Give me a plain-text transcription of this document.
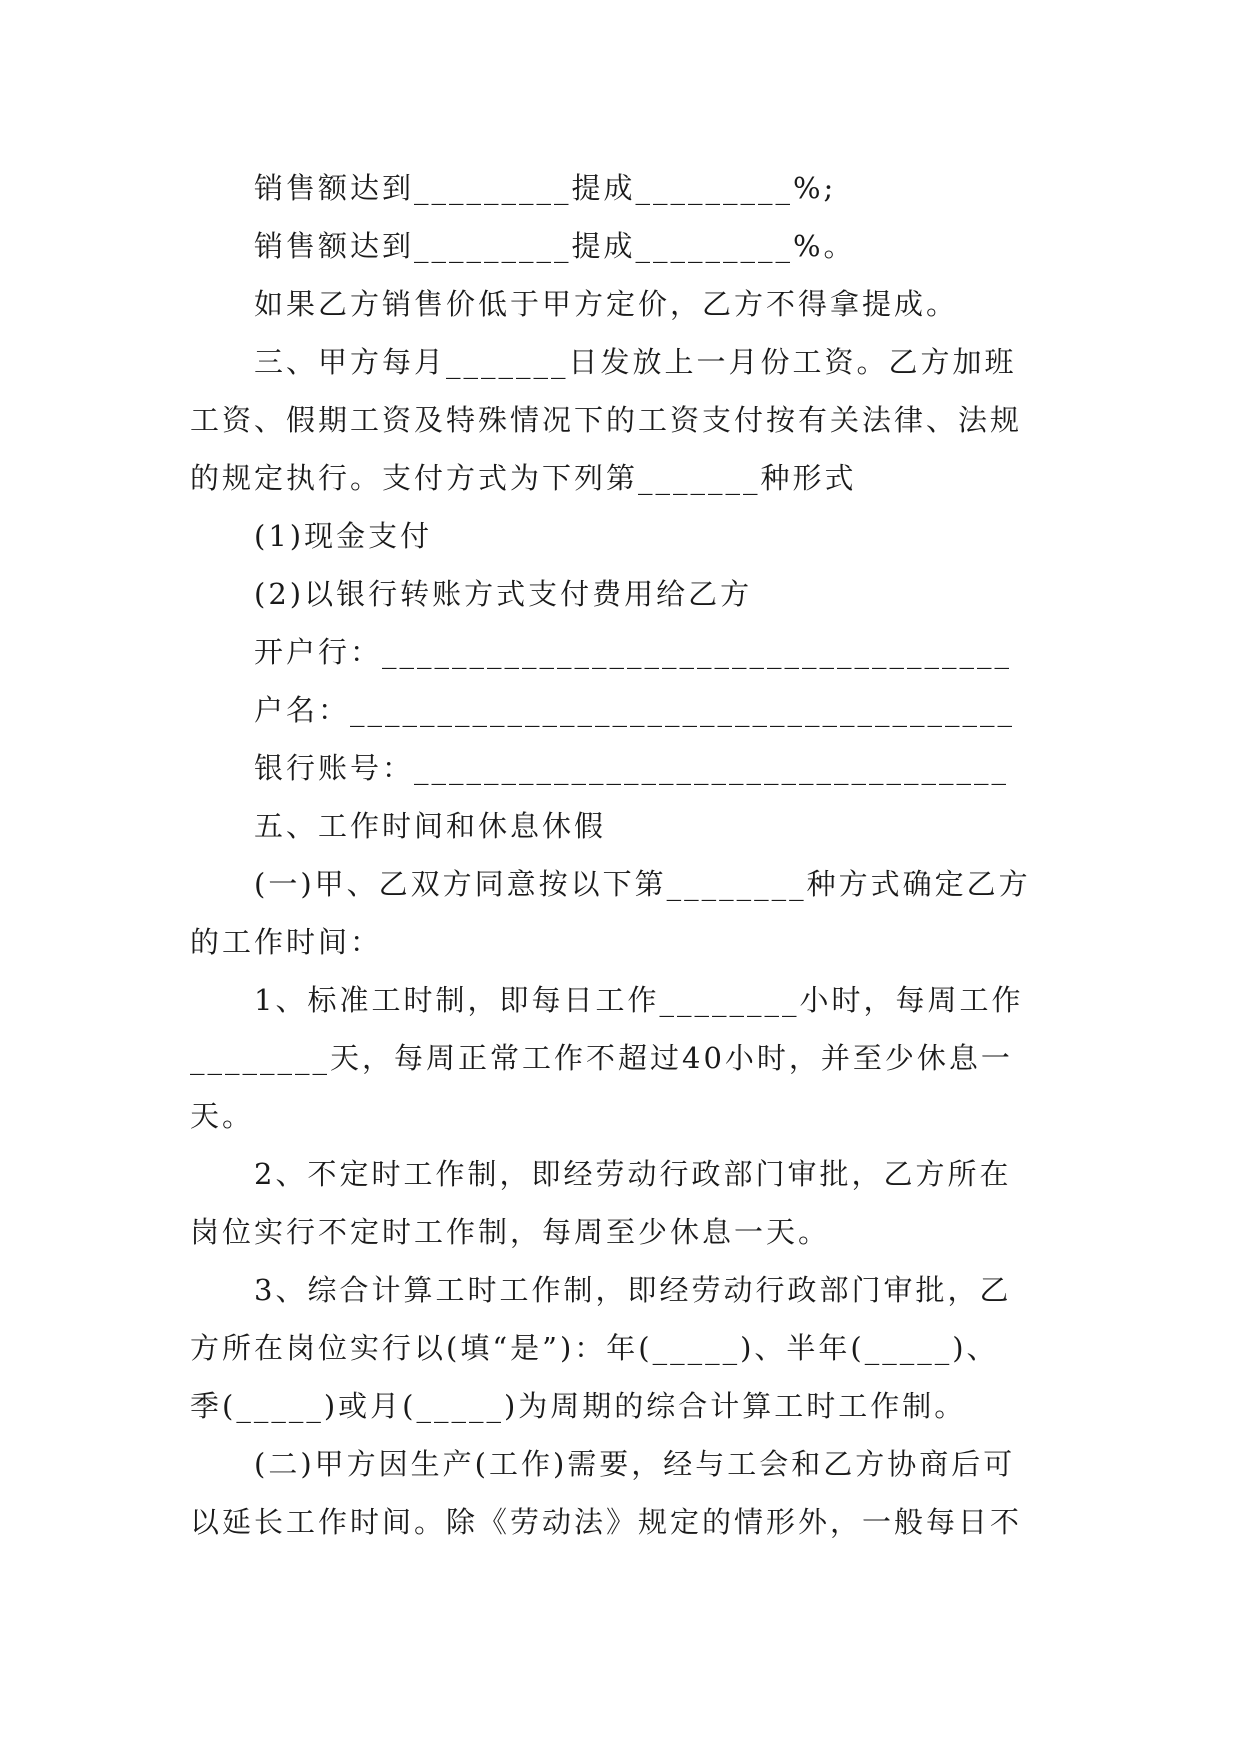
销售额达到_________提成_________%;
销售额达到_________提成_________%。
如果乙方销售价低于甲方定价，乙方不得拿提成。
三、甲方每月_______日发放上一月份工资。乙方加班
工资、假期工资及特殊情况下的工资支付按有关法律、法规
的规定执行。支付方式为下列第_______种形式
(1)现金支付
(2)以银行转账方式支付费用给乙方
开户行：____________________________________
户名：______________________________________
银行账号：__________________________________
五、工作时间和休息休假
(一)甲、乙双方同意按以下第________种方式确定乙方
的工作时间：
1、标准工时制，即每日工作________小时，每周工作
________天，每周正常工作不超过40小时，并至少休息一
天。
2、不定时工作制，即经劳动行政部门审批，乙方所在
岗位实行不定时工作制，每周至少休息一天。
3、综合计算工时工作制，即经劳动行政部门审批，乙
方所在岗位实行以(填“是”)：年(_____)、半年(_____)、
季(_____)或月(_____)为周期的综合计算工时工作制。
(二)甲方因生产(工作)需要，经与工会和乙方协商后可
以延长工作时间。除《劳动法》规定的情形外，一般每日不
